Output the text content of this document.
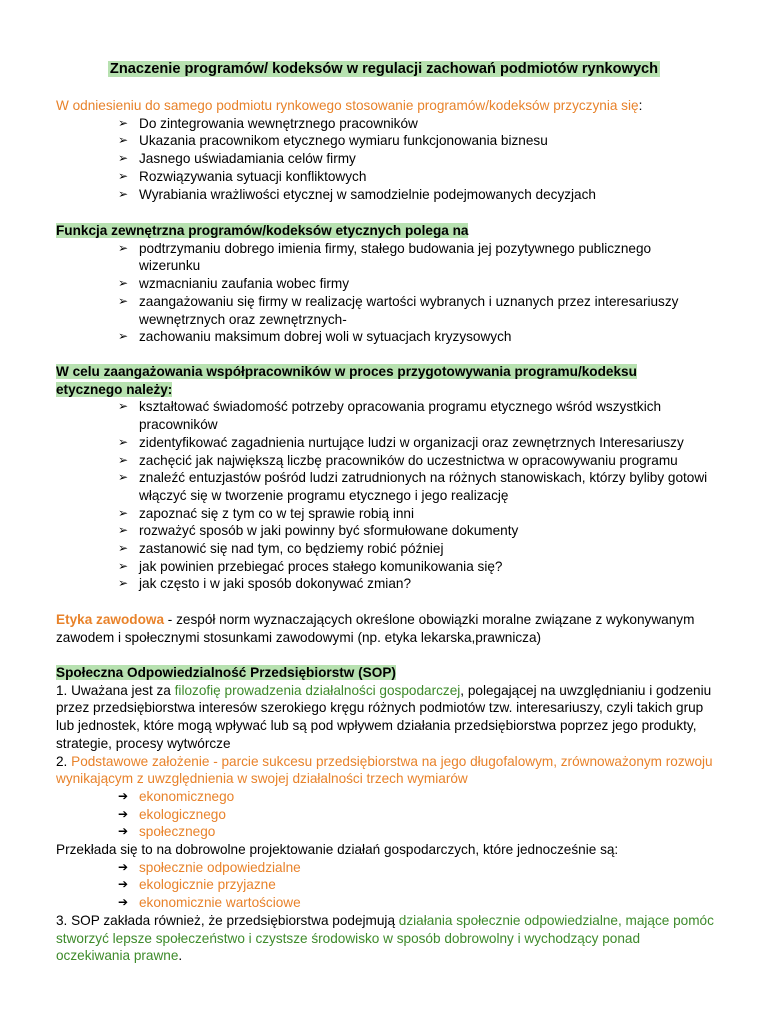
Znaczenie programów/ kodeksów w regulacji zachowań podmiotów rynkowych

W odniesieniu do samego podmiotu rynkowego stosowanie programów/kodeksów przyczynia się:

➢ Do zintegrowania wewnętrznego pracowników
➢ Ukazania pracownikom etycznego wymiaru funkcjonowania biznesu
➢ Jasnego uświadamiania celów firmy
➢ Rozwiązywania sytuacji konfliktowych
➢ Wyrabiania wrażliwości etycznej w samodzielnie podejmowanych decyzjach

Funkcja zewnętrzna programów/kodeksów etycznych polega na

➢ podtrzymaniu dobrego imienia firmy, stałego budowania jej pozytywnego publicznego wizerunku
➢ wzmacnianiu zaufania wobec firmy
➢ zaangażowaniu się firmy w realizację wartości wybranych i uznanych przez interesariuszy wewnętrznych oraz zewnętrznych-
➢ zachowaniu maksimum dobrej woli w sytuacjach kryzysowych

W celu zaangażowania współpracowników w proces przygotowywania programu/kodeksu
etycznego należy:

➢ kształtować świadomość potrzeby opracowania programu etycznego wśród wszystkich pracowników
➢ zidentyfikować zagadnienia nurtujące ludzi w organizacji oraz zewnętrznych Interesariuszy
➢ zachęcić jak największą liczbę pracowników do uczestnictwa w opracowywaniu programu
➢ znaleźć entuzjastów pośród ludzi zatrudnionych na różnych stanowiskach, którzy byliby gotowi włączyć się w tworzenie programu etycznego i jego realizację
➢ zapoznać się z tym co w tej sprawie robią inni
➢ rozważyć sposób w jaki powinny być sformułowane dokumenty
➢ zastanowić się nad tym, co będziemy robić później
➢ jak powinien przebiegać proces stałego komunikowania się?
➢ jak często i w jaki sposób dokonywać zmian?

Etyka zawodowa - zespół norm wyznaczających określone obowiązki moralne związane z wykonywanym zawodem i społecznymi stosunkami zawodowymi (np. etyka lekarska,prawnicza)

Społeczna Odpowiedzialność Przedsiębiorstw (SOP)

1. Uważana jest za filozofię prowadzenia działalności gospodarczej, polegającej na uwzględnianiu i godzeniu przez przedsiębiorstwa interesów szerokiego kręgu różnych podmiotów tzw. interesariuszy, czyli takich grup lub jednostek, które mogą wpływać lub są pod wpływem działania przedsiębiorstwa poprzez jego produkty, strategie, procesy wytwórcze

2. Podstawowe założenie - parcie sukcesu przedsiębiorstwa na jego długofalowym, zrównoważonym rozwoju wynikającym z uwzględnienia w swojej działalności trzech wymiarów

➔ ekonomicznego
➔ ekologicznego
➔ społecznego

Przekłada się to na dobrowolne projektowanie działań gospodarczych, które jednocześnie są:

➔ społecznie odpowiedzialne
➔ ekologicznie przyjazne
➔ ekonomicznie wartościowe

3. SOP zakłada również, że przedsiębiorstwa podejmują działania społecznie odpowiedzialne, mające pomóc stworzyć lepsze społeczeństwo i czystsze środowisko w sposób dobrowolny i wychodzący ponad oczekiwania prawne.
